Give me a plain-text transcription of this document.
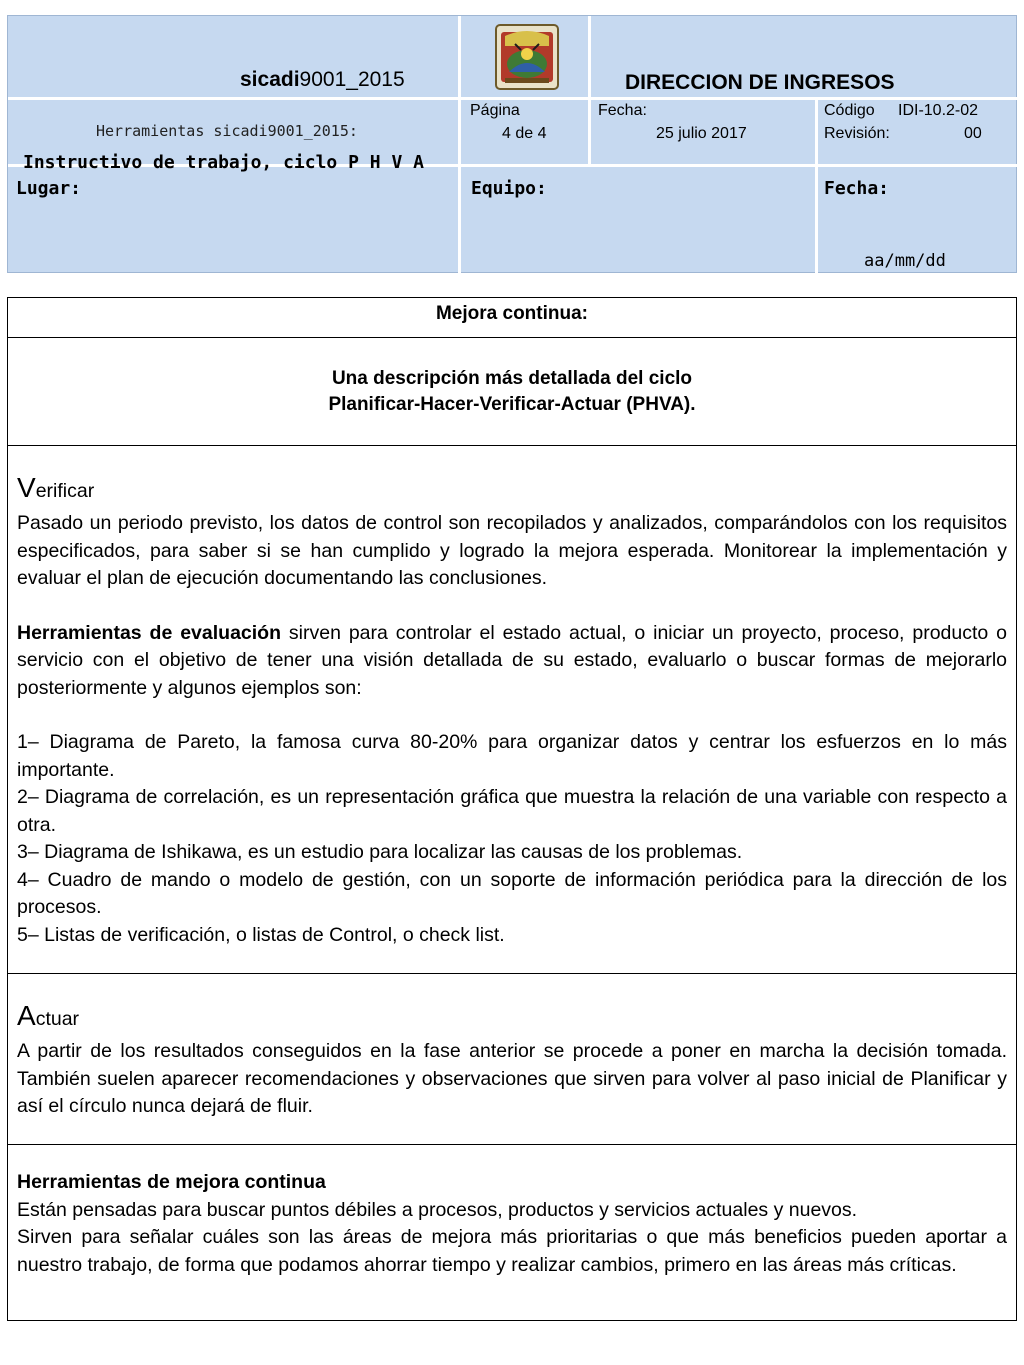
sicadi9001_2015
Herramientas sicadi9001_2015:
Instructivo de trabajo, ciclo P H V A
Lugar:
DIRECCION DE INGRESOS
Página
4 de 4
Fecha:
25 julio 2017
Código IDI-10.2-02
Revisión:	00
Equipo:	Fecha:
aa/mm/dd
Mejora continua:
Una descripción más detallada del ciclo
Planificar-Hacer-Verificar-Actuar (PHVA).

Verificar

Pasado un periodo previsto, los datos de control son recopilados y analizados, comparándolos con los requisitos especificados, para saber si se han cumplido y logrado la mejora esperada. Monitorear la implementación y evaluar el plan de ejecución documentando las conclusiones.

Herramientas de evaluación sirven para controlar el estado actual, o iniciar un proyecto, proceso, producto o servicio con el objetivo de tener una visión detallada de su estado, evaluarlo o buscar formas de mejorarlo posteriormente y algunos ejemplos son:

1– Diagrama de Pareto, la famosa curva 80-20% para organizar datos y centrar los esfuerzos en lo más importante.

2– Diagrama de correlación, es un representación gráfica que muestra la relación de una variable con respecto a otra.

3– Diagrama de Ishikawa, es un estudio para localizar las causas de los problemas.

4– Cuadro de mando o modelo de gestión, con un soporte de información periódica para la dirección de los procesos.

5– Listas de verificación, o listas de Control, o check list.

Actuar

A partir de los resultados conseguidos en la fase anterior se procede a poner en marcha la decisión tomada. También suelen aparecer recomendaciones y observaciones que sirven para volver al paso inicial de Planificar y así el círculo nunca dejará de fluir.

Herramientas de mejora continua

Están pensadas para buscar puntos débiles a procesos, productos y servicios actuales y nuevos.

Sirven para señalar cuáles son las áreas de mejora más prioritarias o que más beneficios pueden aportar a nuestro trabajo, de forma que podamos ahorrar tiempo y realizar cambios, primero en las áreas más críticas.
